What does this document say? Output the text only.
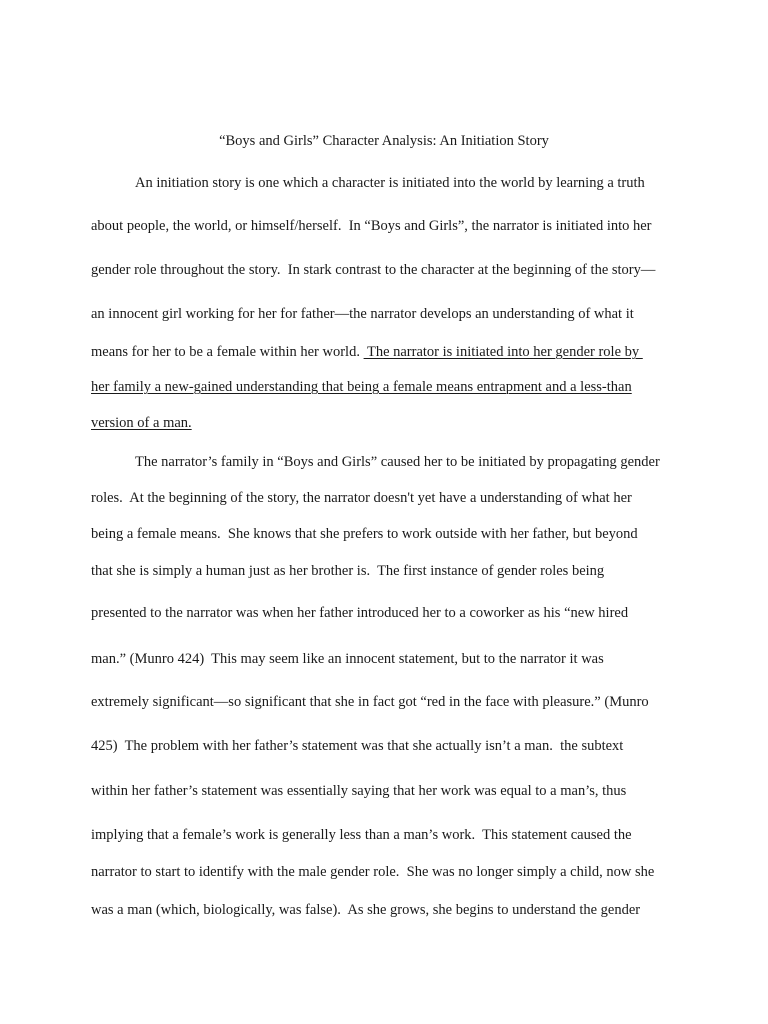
“Boys and Girls” Character Analysis: An Initiation Story
An initiation story is one which a character is initiated into the world by learning a truth
about people, the world, or himself/herself.  In “Boys and Girls”, the narrator is initiated into her
gender role throughout the story.  In stark contrast to the character at the beginning of the story—
an innocent girl working for her for father—the narrator develops an understanding of what it
means for her to be a female within her world.  The narrator is initiated into her gender role by
her family a new-gained understanding that being a female means entrapment and a less-than
version of a man.
The narrator’s family in “Boys and Girls” caused her to be initiated by propagating gender
roles.  At the beginning of the story, the narrator doesn't yet have a understanding of what her
being a female means.  She knows that she prefers to work outside with her father, but beyond
that she is simply a human just as her brother is.  The first instance of gender roles being
presented to the narrator was when her father introduced her to a coworker as his “new hired
man.” (Munro 424)  This may seem like an innocent statement, but to the narrator it was
extremely significant—so significant that she in fact got “red in the face with pleasure.” (Munro
425)  The problem with her father’s statement was that she actually isn’t a man.  the subtext
within her father’s statement was essentially saying that her work was equal to a man’s, thus
implying that a female’s work is generally less than a man’s work.  This statement caused the
narrator to start to identify with the male gender role.  She was no longer simply a child, now she
was a man (which, biologically, was false).  As she grows, she begins to understand the gender
